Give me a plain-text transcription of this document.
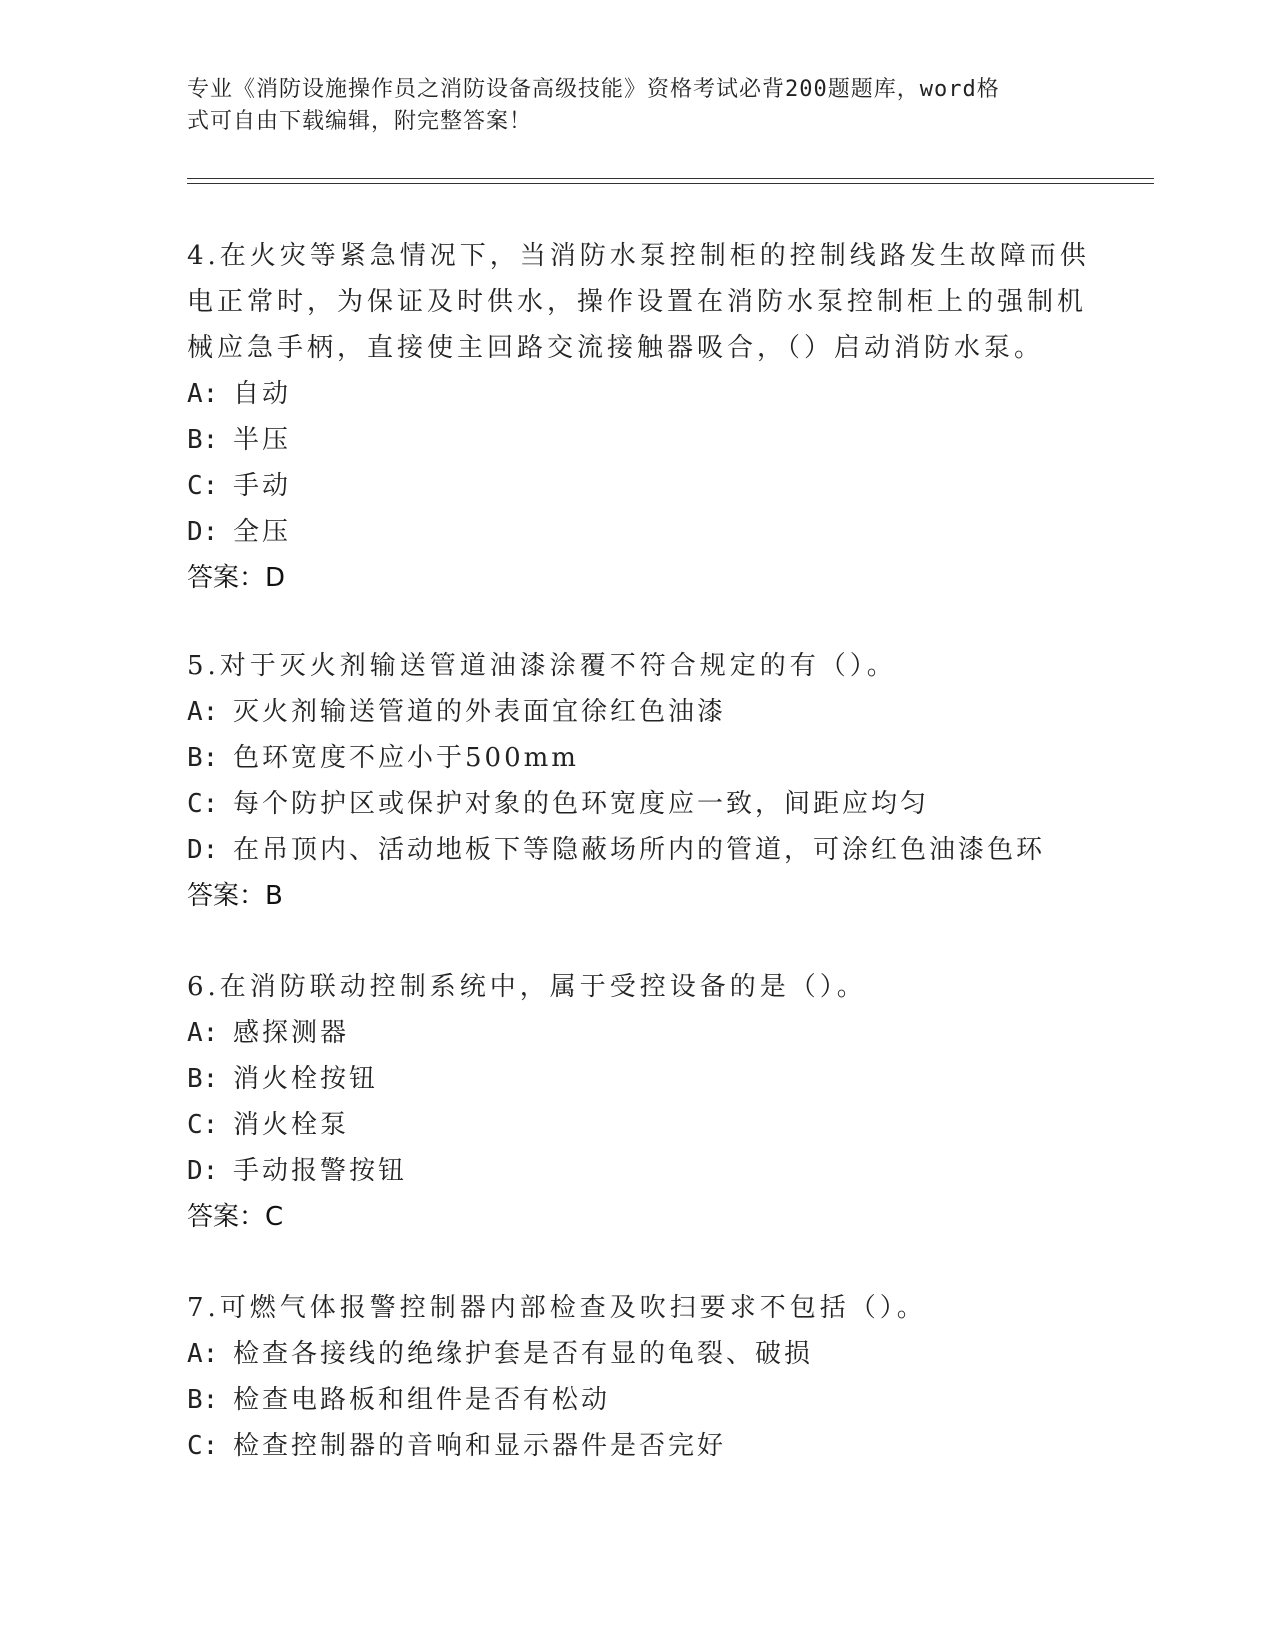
专业《消防设施操作员之消防设备高级技能》资格考试必背200题题库，word格
式可自由下载编辑，附完整答案！
4.在火灾等紧急情况下，当消防水泵控制柜的控制线路发生故障而供
电正常时，为保证及时供水，操作设置在消防水泵控制柜上的强制机
械应急手柄，直接使主回路交流接触器吸合，（）启动消防水泵。
A: 自动
B: 半压
C: 手动
D: 全压
答案：D
5.对于灭火剂输送管道油漆涂覆不符合规定的有（）。
A: 灭火剂输送管道的外表面宜徐红色油漆
B: 色环宽度不应小于500mm
C: 每个防护区或保护对象的色环宽度应一致，间距应均匀
D: 在吊顶内、活动地板下等隐蔽场所内的管道，可涂红色油漆色环
答案：B
6.在消防联动控制系统中，属于受控设备的是（）。
A: 感探测器
B: 消火栓按钮
C: 消火栓泵
D: 手动报警按钮
答案：C
7.可燃气体报警控制器内部检查及吹扫要求不包括（）。
A: 检查各接线的绝缘护套是否有显的龟裂、破损
B: 检查电路板和组件是否有松动
C: 检查控制器的音响和显示器件是否完好
